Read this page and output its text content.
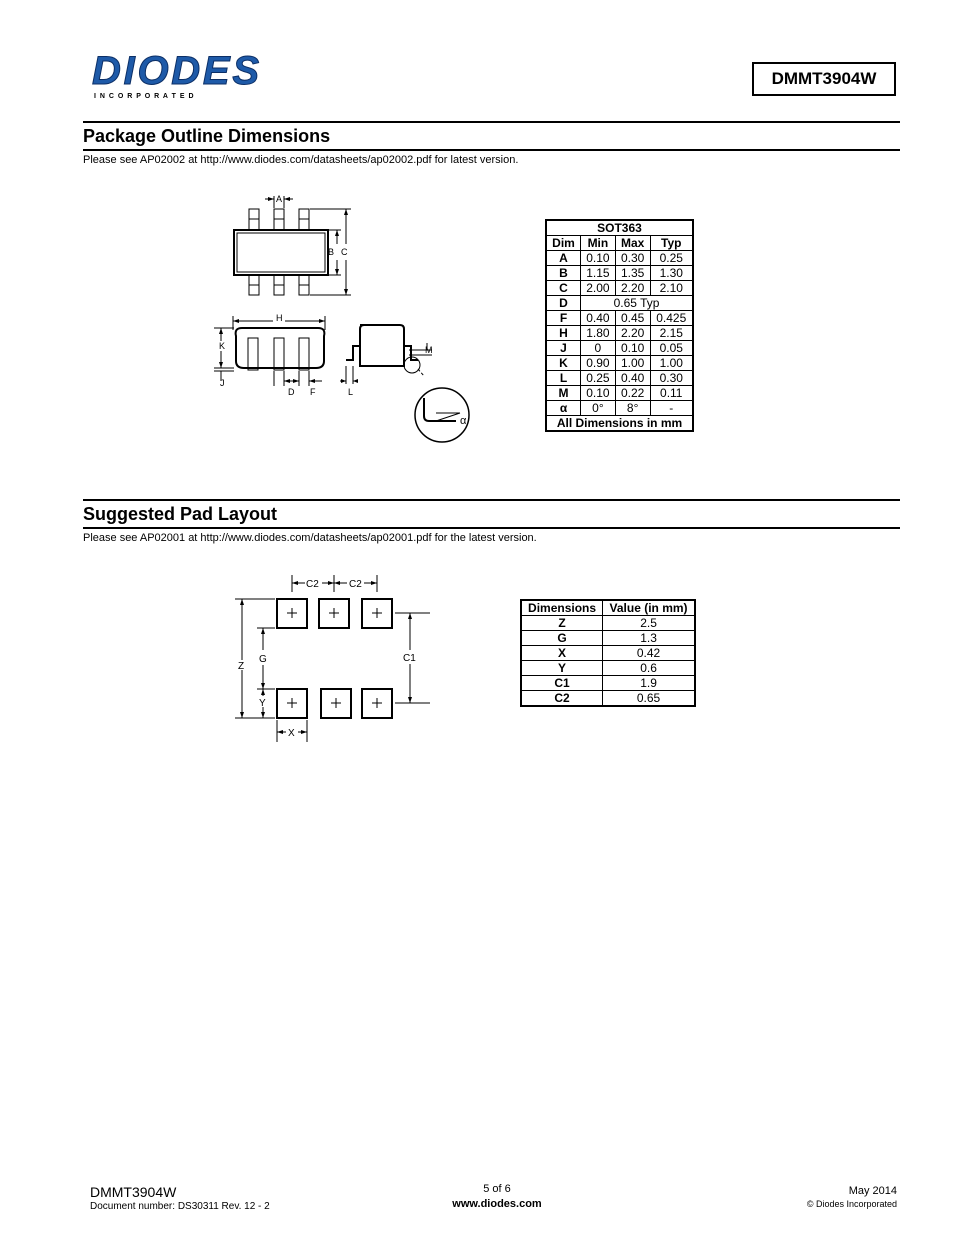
DIODES
I N C O R P O R A T E D
DMMT3904W
Package Outline Dimensions
Please see AP02002 at http://www.diodes.com/datasheets/ap02002.pdf for latest version.
A
B C
H
K
J
D F	L
M
α
SOT363			
Dim	Min	Max	Typ
A	0.10	0.30	0.25
B	1.15	1.35	1.30
C	2.00	2.20	2.10
D	0.65 Typ		
F	0.40	0.45	0.425
H	1.80	2.20	2.15
J	0	0.10	0.05
K	0.90	1.00	1.00
L	0.25	0.40	0.30
M	0.10	0.22	0.11
α	0°	8°	-
All Dimensions in mm			
Suggested Pad Layout
Please see AP02001 at http://www.diodes.com/datasheets/ap02001.pdf for the latest version.
C2	C2
Z
G	C1
Y
X
Dimensions	Value (in mm)
Z	2.5
G	1.3
X	0.42
Y	0.6
C1	1.9
C2	0.65
DMMT3904W
Document number: DS30311 Rev. 12 - 2
5 of 6
www.diodes.com
May 2014
© Diodes Incorporated
